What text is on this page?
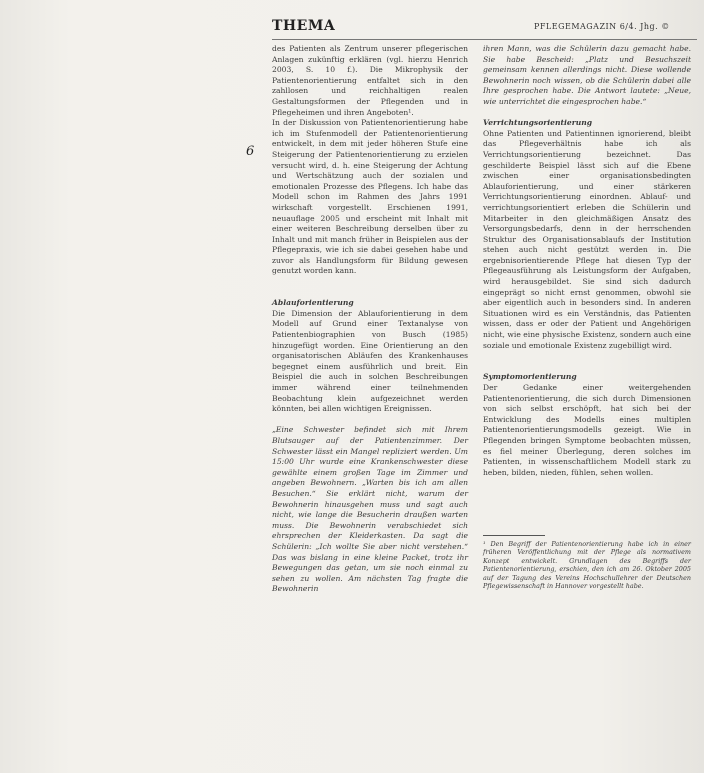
THEMA	PFLEGEMAGAZIN 6/4. Jhg. ©
6

des Patienten als Zentrum unserer pflegerischen Anlagen zukünftig erklären (vgl. hierzu Henrich 2003, S. 10 f.). Die Mikrophysik der Patientenorientierung entfaltet sich in den zahllosen und reichhaltigen realen Gestaltungsformen der Pflegenden und in Pflegeheimen und ihren Angeboten¹.

In der Diskussion von Patientenorientierung habe ich im Stufenmodell der Patientenorientierung entwickelt, in dem mit jeder höheren Stufe eine Steigerung der Patientenorientierung zu erzielen versucht wird, d. h. eine Steigerung der Achtung und Wertschätzung auch der sozialen und emotionalen Prozesse des Pflegens. Ich habe das Modell schon im Rahmen des Jahrs 1991 wirkschaft vorgestellt. Erschienen 1991, neuauflage 2005 und erscheint mit Inhalt mit einer weiteren Beschreibung derselben über zu Inhalt und mit manch früher in Beispielen aus der Pflegepraxis, wie ich sie dabei gesehen habe und zuvor als Handlungsform für Bildung gewesen genutzt worden kann.

Ablauforientierung

Die Dimension der Ablauforientierung in dem Modell auf Grund einer Textanalyse von Patientenbiographien von Busch (1985) hinzugefügt worden. Eine Orientierung an den organisatorischen Abläufen des Krankenhauses begegnet einem ausführlich und breit. Ein Beispiel die auch in solchen Beschreibungen immer während einer teilnehmenden Beobachtung klein aufgezeichnet werden könnten, bei allen wichtigen Ereignissen.

„Eine Schwester befindet sich mit Ihrem Blutsauger auf der Patientenzimmer. Der Schwester lässt ein Mangel repliziert werden. Um 15:00 Uhr wurde eine Krankenschwester diese gewählte einem großen Tage im Zimmer und angeben Bewohnern. „Warten bis ich am allen Besuchen.“ Sie erklärt nicht, warum der Bewohnerin hinausgehen muss und sagt auch nicht, wie lange die Besucherin draußen warten muss. Die Bewohnerin verabschiedet sich ehrsprechen der Kleiderkasten. Da sagt die Schülerin: „Ich wollte Sie aber nicht verstehen.“ Das was bislang in eine kleine Packet, trotz ihr Bewegungen das getan, um sie noch einmal zu sehen zu wollen. Am nächsten Tag fragte die Bewohnerin

ihren Mann, was die Schülerin dazu gemacht habe. Sie habe Bescheid: „Platz und Besuchszeit gemeinsam kennen allerdings nicht. Diese wollende Bewohnerin noch wissen, ob die Schülerin dabei alle Ihre gesprochen habe. Die Antwort lautete: „Neue, wie unterrichtet die eingesprochen habe.“

Verrichtungsorientierung

Ohne Patienten und Patientinnen ignorierend, bleibt das Pflegeverhältnis habe ich als Verrichtungsorientierung bezeichnet. Das geschilderte Beispiel lässt sich auf die Ebene zwischen einer organisationsbedingten Ablauforientierung, und einer stärkeren Verrichtungsorientierung einordnen. Ablauf- und verrichtungsorientiert erleben die Schülerin und Mitarbeiter in den gleichmäßigen Ansatz des Versorgungsbedarfs, denn in der herrschenden Struktur des Organisationsablaufs der Institution stehen auch nicht gestützt werden in. Die ergebnisorientierende Pflege hat diesen Typ der Pflegeausführung als Leistungsform der Aufgaben, wird herausgebildet. Sie sind sich dadurch eingeprägt so nicht ernst genommen, obwohl sie aber eigentlich auch in besonders sind. In anderen Situationen wird es ein Verständnis, das Patienten wissen, dass er oder der Patient und Angehörigen nicht, wie eine physische Existenz, sondern auch eine soziale und emotionale Existenz zugebilligt wird.

Symptomorientierung

Der Gedanke einer weitergehenden Patientenorientierung, die sich durch Dimensionen von sich selbst erschöpft, hat sich bei der Entwicklung des Modells eines multiplen Patientenorientierungsmodells gezeigt. Wie in Pflegenden bringen Symptome beobachten müssen, es fiel meiner Überlegung, deren solches im Patienten, in wissenschaftlichem Modell stark zu heben, bilden, nieden, fühlen, sehen wollen.

¹ Den Begriff der Patientenorientierung habe ich in einer früheren Veröffentlichung mit der Pflege als normativem Konzept entwickelt. Grundlagen des Begriffs der Patientenorientierung, erschien, den ich am 26. Oktober 2005 auf der Tagung des Vereins Hochschullehrer der Deutschen Pflegewissenschaft in Hannover vorgestellt habe.
